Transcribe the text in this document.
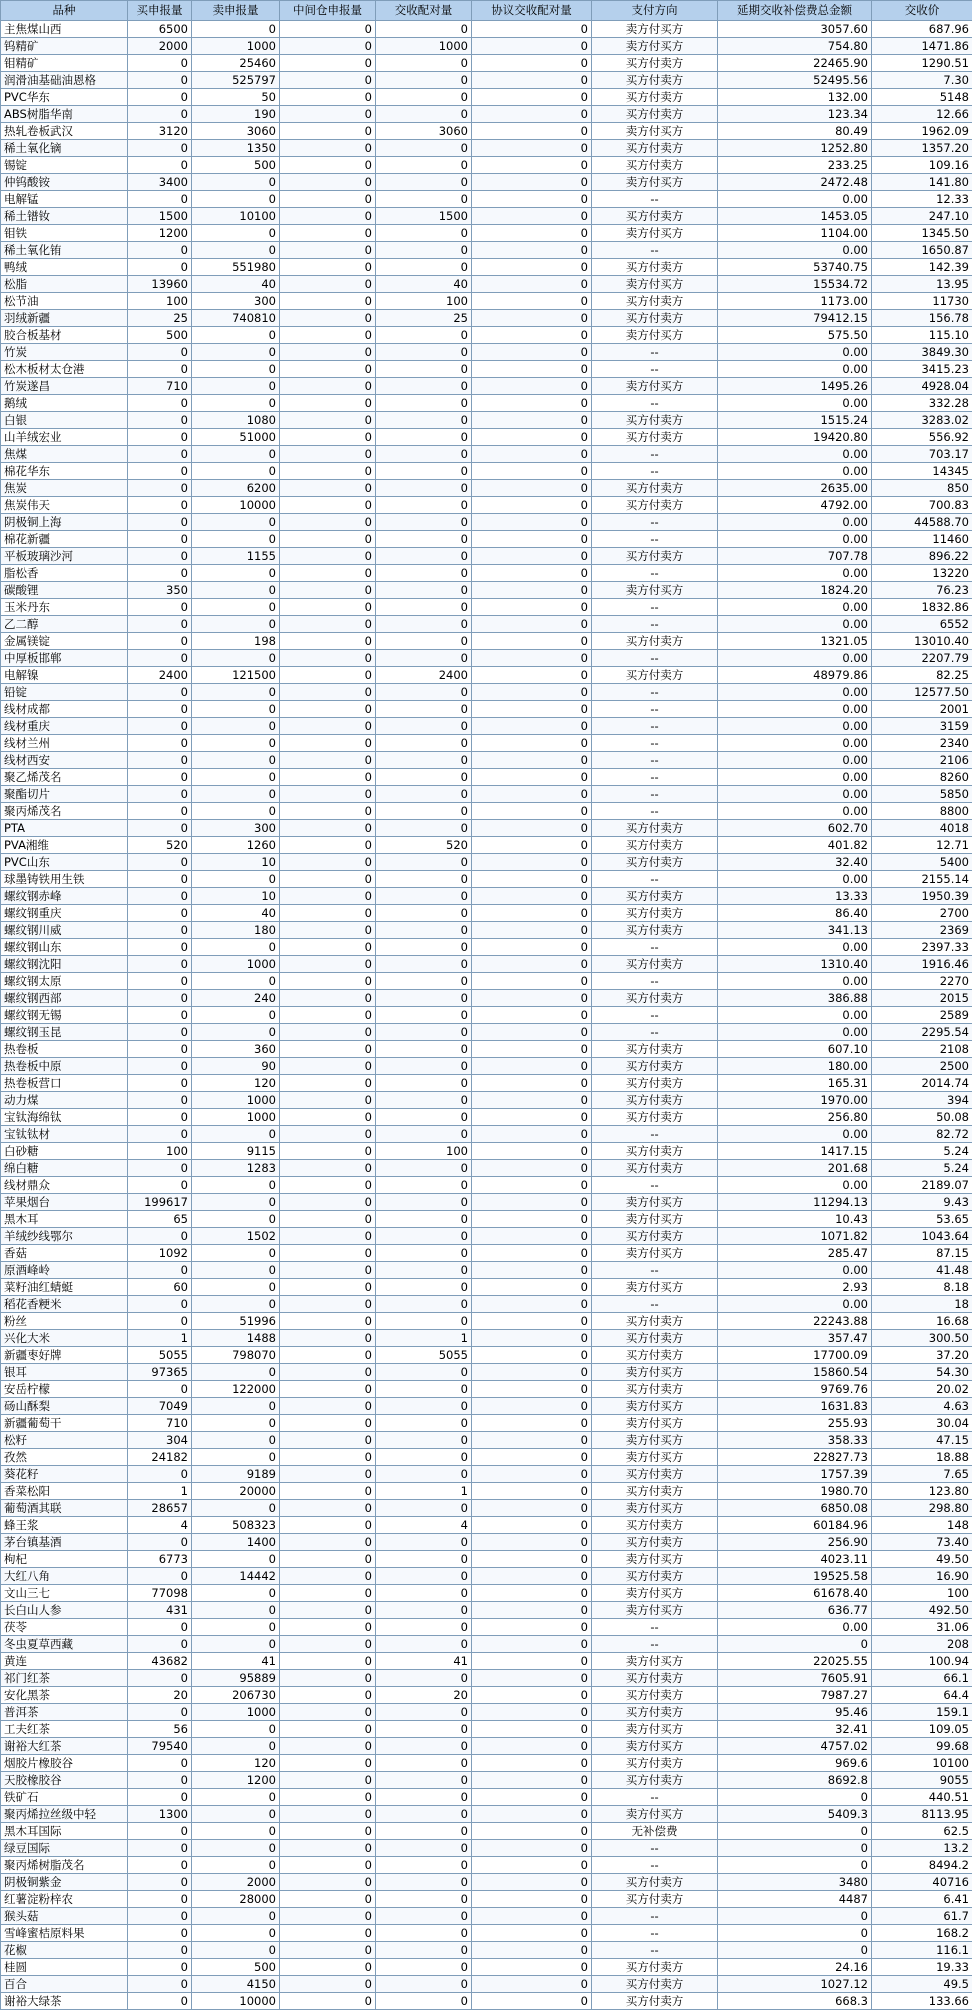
品种	买申报量	卖申报量	中间仓申报量	交收配对量	协议交收配对量	支付方向	延期交收补偿费总金额	交收价
主焦煤山西	6500	0	0	0	0	卖方付买方	3057.60	687.96
钨精矿	2000	1000	0	1000	0	卖方付买方	754.80	1471.86
钼精矿	0	25460	0	0	0	买方付卖方	22465.90	1290.51
润滑油基础油恩格	0	525797	0	0	0	买方付卖方	52495.56	7.30
PVC华东	0	50	0	0	0	买方付卖方	132.00	5148
ABS树脂华南	0	190	0	0	0	买方付卖方	123.34	12.66
热轧卷板武汉	3120	3060	0	3060	0	卖方付买方	80.49	1962.09
稀土氧化镝	0	1350	0	0	0	买方付卖方	1252.80	1357.20
锡锭	0	500	0	0	0	买方付卖方	233.25	109.16
仲钨酸铵	3400	0	0	0	0	卖方付买方	2472.48	141.80
电解锰	0	0	0	0	0	--	0.00	12.33
稀土镨钕	1500	10100	0	1500	0	买方付卖方	1453.05	247.10
钼铁	1200	0	0	0	0	卖方付买方	1104.00	1345.50
稀土氧化铕	0	0	0	0	0	--	0.00	1650.87
鸭绒	0	551980	0	0	0	买方付卖方	53740.75	142.39
松脂	13960	40	0	40	0	卖方付买方	15534.72	13.95
松节油	100	300	0	100	0	买方付卖方	1173.00	11730
羽绒新疆	25	740810	0	25	0	买方付卖方	79412.15	156.78
胶合板基材	500	0	0	0	0	卖方付买方	575.50	115.10
竹炭	0	0	0	0	0	--	0.00	3849.30
松木板材太仓港	0	0	0	0	0	--	0.00	3415.23
竹炭遂昌	710	0	0	0	0	卖方付买方	1495.26	4928.04
鹅绒	0	0	0	0	0	--	0.00	332.28
白银	0	1080	0	0	0	买方付卖方	1515.24	3283.02
山羊绒宏业	0	51000	0	0	0	买方付卖方	19420.80	556.92
焦煤	0	0	0	0	0	--	0.00	703.17
棉花华东	0	0	0	0	0	--	0.00	14345
焦炭	0	6200	0	0	0	买方付卖方	2635.00	850
焦炭伟天	0	10000	0	0	0	买方付卖方	4792.00	700.83
阴极铜上海	0	0	0	0	0	--	0.00	44588.70
棉花新疆	0	0	0	0	0	--	0.00	11460
平板玻璃沙河	0	1155	0	0	0	买方付卖方	707.78	896.22
脂松香	0	0	0	0	0	--	0.00	13220
碳酸锂	350	0	0	0	0	卖方付买方	1824.20	76.23
玉米丹东	0	0	0	0	0	--	0.00	1832.86
乙二醇	0	0	0	0	0	--	0.00	6552
金属镁锭	0	198	0	0	0	买方付卖方	1321.05	13010.40
中厚板邯郸	0	0	0	0	0	--	0.00	2207.79
电解镍	2400	121500	0	2400	0	买方付卖方	48979.86	82.25
铅锭	0	0	0	0	0	--	0.00	12577.50
线材成都	0	0	0	0	0	--	0.00	2001
线材重庆	0	0	0	0	0	--	0.00	3159
线材兰州	0	0	0	0	0	--	0.00	2340
线材西安	0	0	0	0	0	--	0.00	2106
聚乙烯茂名	0	0	0	0	0	--	0.00	8260
聚酯切片	0	0	0	0	0	--	0.00	5850
聚丙烯茂名	0	0	0	0	0	--	0.00	8800
PTA	0	300	0	0	0	买方付卖方	602.70	4018
PVA湘维	520	1260	0	520	0	买方付卖方	401.82	12.71
PVC山东	0	10	0	0	0	买方付卖方	32.40	5400
球墨铸铁用生铁	0	0	0	0	0	--	0.00	2155.14
螺纹钢赤峰	0	10	0	0	0	买方付卖方	13.33	1950.39
螺纹钢重庆	0	40	0	0	0	买方付卖方	86.40	2700
螺纹钢川威	0	180	0	0	0	买方付卖方	341.13	2369
螺纹钢山东	0	0	0	0	0	--	0.00	2397.33
螺纹钢沈阳	0	1000	0	0	0	买方付卖方	1310.40	1916.46
螺纹钢太原	0	0	0	0	0	--	0.00	2270
螺纹钢西部	0	240	0	0	0	买方付卖方	386.88	2015
螺纹钢无锡	0	0	0	0	0	--	0.00	2589
螺纹钢玉昆	0	0	0	0	0	--	0.00	2295.54
热卷板	0	360	0	0	0	买方付卖方	607.10	2108
热卷板中原	0	90	0	0	0	买方付卖方	180.00	2500
热卷板营口	0	120	0	0	0	买方付卖方	165.31	2014.74
动力煤	0	1000	0	0	0	买方付卖方	1970.00	394
宝钛海绵钛	0	1000	0	0	0	买方付卖方	256.80	50.08
宝钛钛材	0	0	0	0	0	--	0.00	82.72
白砂糖	100	9115	0	100	0	买方付卖方	1417.15	5.24
绵白糖	0	1283	0	0	0	买方付卖方	201.68	5.24
线材鼎众	0	0	0	0	0	--	0.00	2189.07
苹果烟台	199617	0	0	0	0	卖方付买方	11294.13	9.43
黑木耳	65	0	0	0	0	卖方付买方	10.43	53.65
羊绒纱线鄂尔	0	1502	0	0	0	买方付卖方	1071.82	1043.64
香菇	1092	0	0	0	0	卖方付买方	285.47	87.15
原酒峰岭	0	0	0	0	0	--	0.00	41.48
菜籽油红蜻蜓	60	0	0	0	0	卖方付买方	2.93	8.18
稻花香粳米	0	0	0	0	0	--	0.00	18
粉丝	0	51996	0	0	0	买方付卖方	22243.88	16.68
兴化大米	1	1488	0	1	0	买方付卖方	357.47	300.50
新疆枣好牌	5055	798070	0	5055	0	买方付卖方	17700.09	37.20
银耳	97365	0	0	0	0	卖方付买方	15860.54	54.30
安岳柠檬	0	122000	0	0	0	买方付卖方	9769.76	20.02
砀山酥梨	7049	0	0	0	0	卖方付买方	1631.83	4.63
新疆葡萄干	710	0	0	0	0	卖方付买方	255.93	30.04
松籽	304	0	0	0	0	卖方付买方	358.33	47.15
孜然	24182	0	0	0	0	卖方付买方	22827.73	18.88
葵花籽	0	9189	0	0	0	买方付卖方	1757.39	7.65
香菜松阳	1	20000	0	1	0	买方付卖方	1980.70	123.80
葡萄酒其联	28657	0	0	0	0	卖方付买方	6850.08	298.80
蜂王浆	4	508323	0	4	0	买方付卖方	60184.96	148
茅台镇基酒	0	1400	0	0	0	买方付卖方	256.90	73.40
枸杞	6773	0	0	0	0	卖方付买方	4023.11	49.50
大红八角	0	14442	0	0	0	买方付卖方	19525.58	16.90
文山三七	77098	0	0	0	0	卖方付买方	61678.40	100
长白山人参	431	0	0	0	0	卖方付买方	636.77	492.50
茯苓	0	0	0	0	0	--	0.00	31.06
冬虫夏草西藏	0	0	0	0	0	--	0	208
黄连	43682	41	0	41	0	卖方付买方	22025.55	100.94
祁门红茶	0	95889	0	0	0	买方付卖方	7605.91	66.1
安化黑茶	20	206730	0	20	0	买方付卖方	7987.27	64.4
普洱茶	0	1000	0	0	0	买方付卖方	95.46	159.1
工夫红茶	56	0	0	0	0	卖方付买方	32.41	109.05
谢裕大红茶	79540	0	0	0	0	卖方付买方	4757.02	99.68
烟胶片橡胶谷	0	120	0	0	0	买方付卖方	969.6	10100
天胶橡胶谷	0	1200	0	0	0	买方付卖方	8692.8	9055
铁矿石	0	0	0	0	0	--	0	440.51
聚丙烯拉丝级中轻	1300	0	0	0	0	卖方付买方	5409.3	8113.95
黑木耳国际	0	0	0	0	0	无补偿费	0	62.5
绿豆国际	0	0	0	0	0	--	0	13.2
聚丙烯树脂茂名	0	0	0	0	0	--	0	8494.2
阴极铜紫金	0	2000	0	0	0	买方付卖方	3480	40716
红薯淀粉梓农	0	28000	0	0	0	买方付卖方	4487	6.41
猴头菇	0	0	0	0	0	--	0	61.7
雪峰蜜桔原料果	0	0	0	0	0	--	0	168.2
花椒	0	0	0	0	0	--	0	116.1
桂圆	0	500	0	0	0	买方付卖方	24.16	19.33
百合	0	4150	0	0	0	买方付卖方	1027.12	49.5
谢裕大绿茶	0	10000	0	0	0	买方付卖方	668.3	133.66
